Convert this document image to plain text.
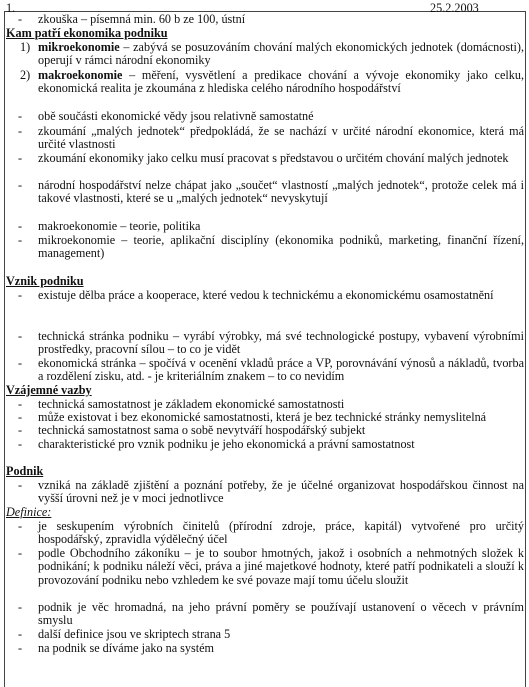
1.	25.2.2003
- zkouška – písemná min. 60 b ze 100, ústní
Kam patří ekonomika podniku
1) mikroekonomie – zabývá se posuzováním chování malých ekonomických jednotek (domácnosti), operují v rámci národní ekonomiky
2) makroekonomie – měření, vysvětlení a predikace chování a vývoje ekonomiky jako celku, ekonomická realita je zkoumána z hlediska celého národního hospodářství
- obě součásti ekonomické vědy jsou relativně samostatné
- zkoumání „malých jednotek“ předpokládá, že se nachází v určité národní ekonomice, která má určité vlastnosti
- zkoumání ekonomiky jako celku musí pracovat s představou o určitém chování malých jednotek
- národní hospodářství nelze chápat jako „součet“ vlastností „malých jednotek“, protože celek má i takové vlastnosti, které se u „malých jednotek“ nevyskytují
- makroekonomie – teorie, politika
- mikroekonomie – teorie, aplikační disciplíny (ekonomika podniků, marketing, finanční řízení, management)
Vznik podniku
- existuje dělba práce a kooperace, které vedou k technickému a ekonomickému osamostatnění
- technická stránka podniku – vyrábí výrobky, má své technologické postupy, vybavení výrobními prostředky, pracovní sílou – to co je vidět
- ekonomická stránka – spočívá v ocenění vkladů práce a VP, porovnávání výnosů a nákladů, tvorba a rozdělení zisku, atd. - je kriteriálním znakem – to co nevidím
Vzájemné vazby
- technická samostatnost je základem ekonomické samostatnosti
- může existovat i bez ekonomické samostatnosti, která je bez technické stránky nemyslitelná
- technická samostatnost sama o sobě nevytváří hospodářský subjekt
- charakteristické pro vznik podniku je jeho ekonomická a právní samostatnost
Podnik
- vzniká na základě zjištění a poznání potřeby, že je účelné organizovat hospodářskou činnost na vyšší úrovni než je v moci jednotlivce
Definice:
- je seskupením výrobních činitelů (přírodní zdroje, práce, kapitál) vytvořené pro určitý hospodářský, zpravidla výdělečný účel
- podle Obchodního zákoníku – je to soubor hmotných, jakož i osobních a nehmotných složek k podnikání; k podniku náleží věci, práva a jiné majetkové hodnoty, které patří podnikateli a slouží k provozování podniku nebo vzhledem ke své povaze mají tomu účelu sloužit
- podnik je věc hromadná, na jeho právní poměry se používají ustanovení o věcech v právním smyslu
- další definice jsou ve skriptech strana 5
- na podnik se díváme jako na systém
